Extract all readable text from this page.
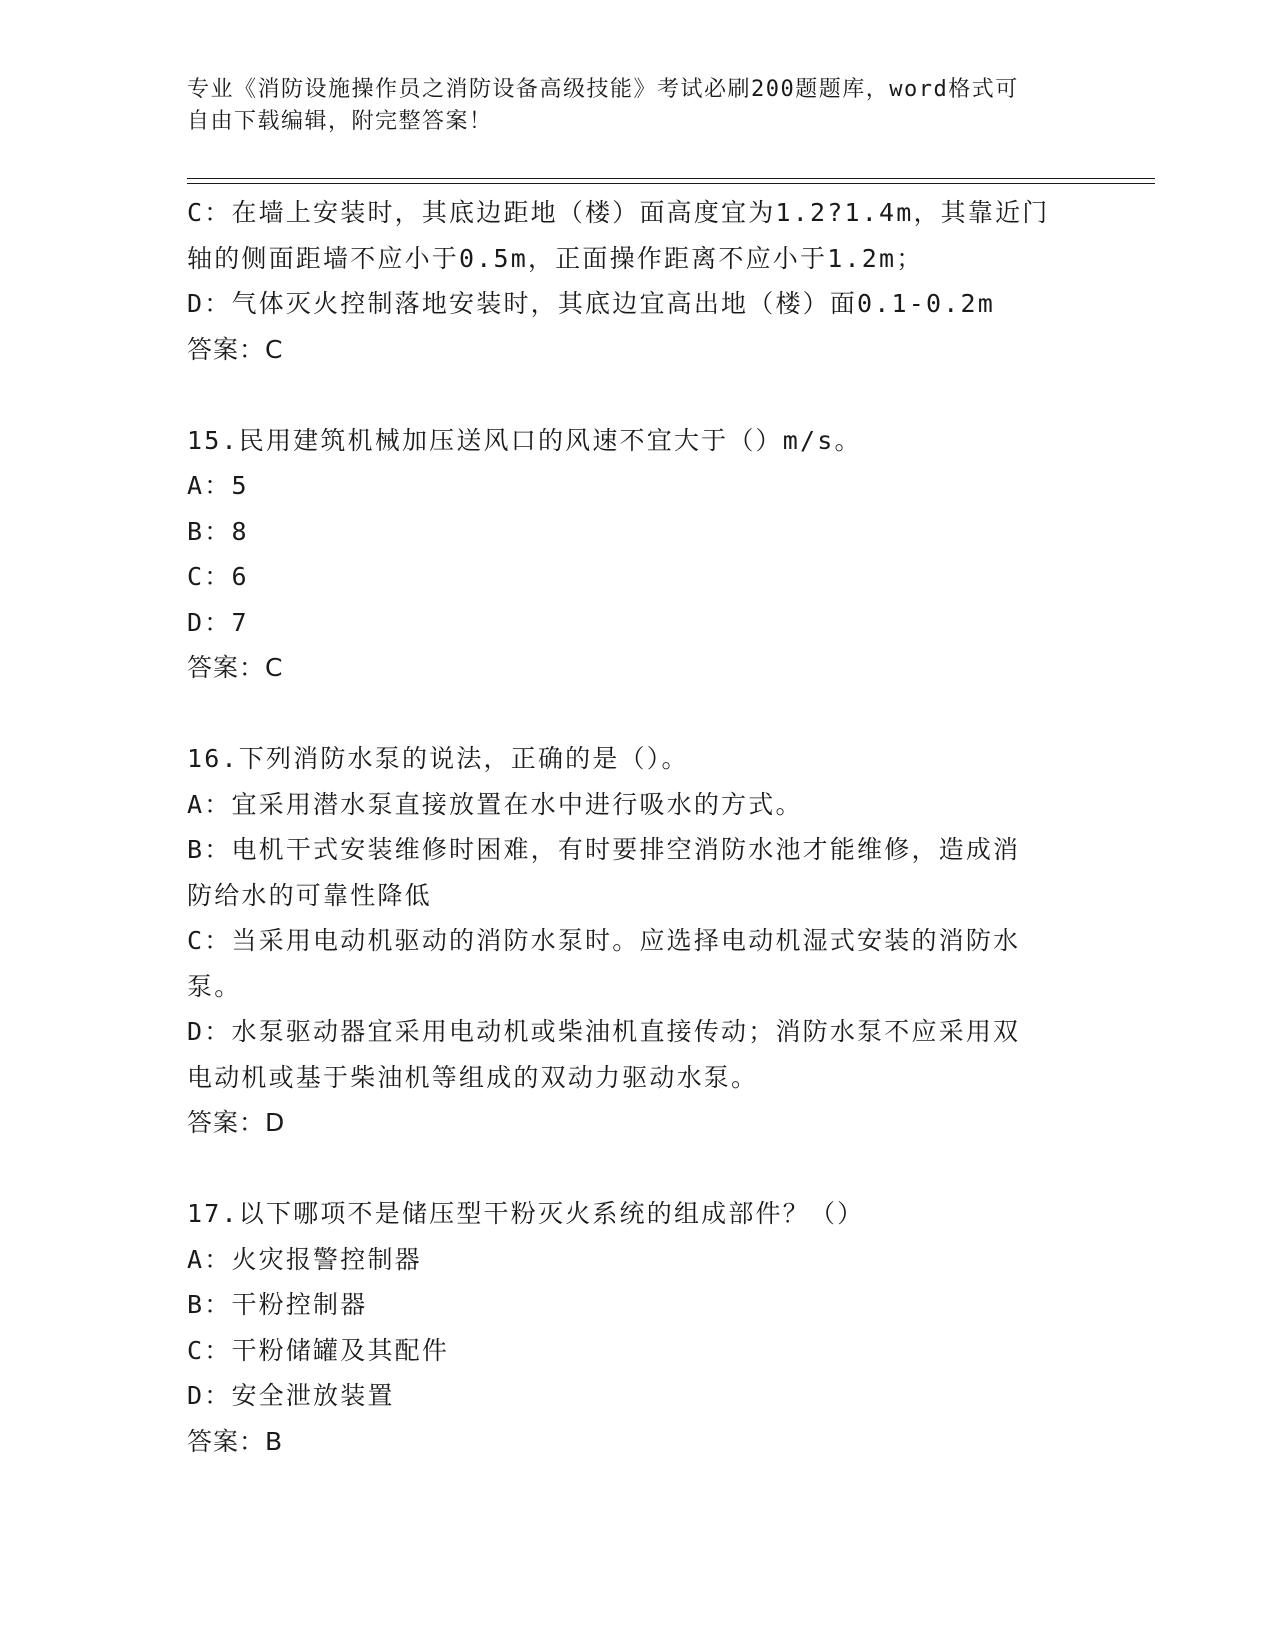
专业《消防设施操作员之消防设备高级技能》考试必刷200题题库，word格式可
自由下载编辑，附完整答案！

C：在墙上安装时，其底边距地（楼）面高度宜为1.2?1.4m，其靠近门

轴的侧面距墙不应小于0.5m，正面操作距离不应小于1.2m；

D：气体灭火控制落地安装时，其底边宜高出地（楼）面0.1-0.2m

答案：C

15.民用建筑机械加压送风口的风速不宜大于（）m/s。

A：5

B：8

C：6

D：7

答案：C

16.下列消防水泵的说法，正确的是（）。

A：宜采用潜水泵直接放置在水中进行吸水的方式。

B：电机干式安装维修时困难，有时要排空消防水池才能维修，造成消

防给水的可靠性降低

C：当采用电动机驱动的消防水泵时。应选择电动机湿式安装的消防水

泵。

D：水泵驱动器宜采用电动机或柴油机直接传动；消防水泵不应采用双

电动机或基于柴油机等组成的双动力驱动水泵。

答案：D

17.以下哪项不是储压型干粉灭火系统的组成部件？（）

A：火灾报警控制器

B：干粉控制器

C：干粉储罐及其配件

D：安全泄放装置

答案：B
